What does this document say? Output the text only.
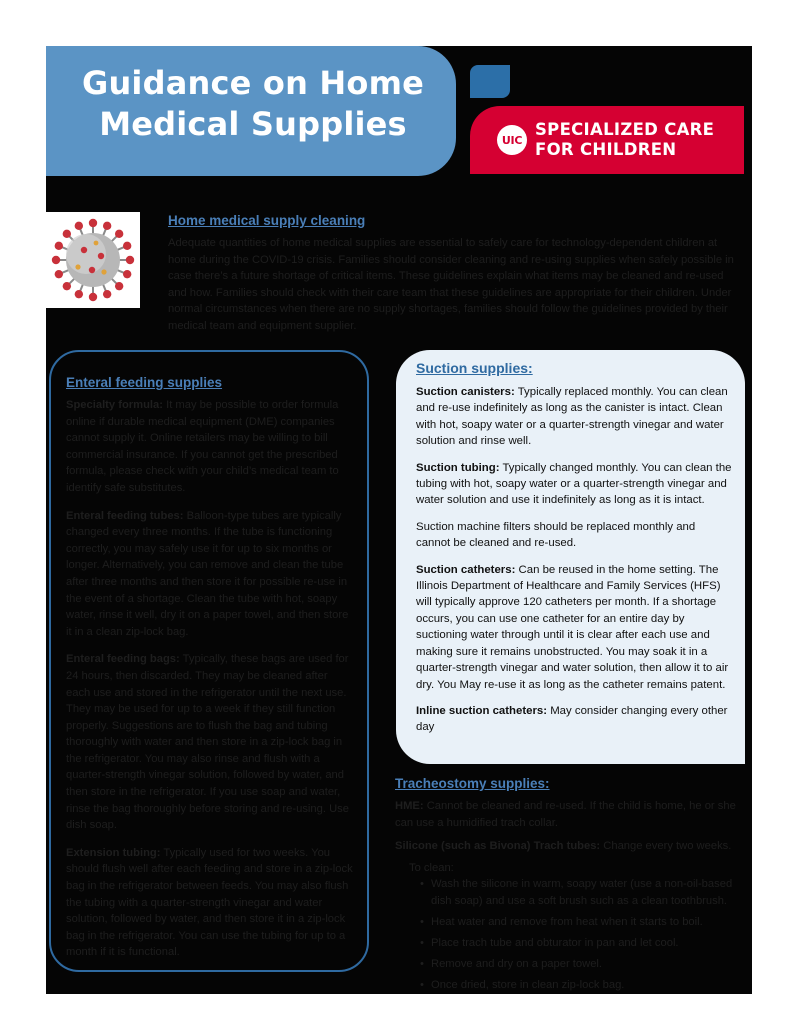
Guidance on Home
Medical Supplies	UIC
SPECIALIZED CARE
FOR CHILDREN
Home medical supply cleaning
Adequate quantities of home medical supplies are essential to safely care for technology-dependent children at home during the COVID-19 crisis. Families should consider cleaning and re-using supplies when safely possible in case there’s a future shortage of critical items. These guidelines explain what items may be cleaned and re-used and how. Families should check with their care team that these guidelines are appropriate for their children. Under normal circumstances when there are no supply shortages, families should follow the guidelines provided by their medical team and equipment supplier.
Enteral feeding supplies

Specialty formula: It may be possible to order formula online if durable medical equipment (DME) companies cannot supply it. Online retailers may be willing to bill commercial insurance. If you cannot get the prescribed formula, please check with your child’s medical team to identify safe substitutes.

Enteral feeding tubes: Balloon-type tubes are typically changed every three months. If the tube is functioning correctly, you may safely use it for up to six months or longer. Alternatively, you can remove and clean the tube after three months and then store it for possible re-use in the event of a shortage. Clean the tube with hot, soapy water, rinse it well, dry it on a paper towel, and then store it in a clean zip-lock bag.

Enteral feeding bags: Typically, these bags are used for 24 hours, then discarded. They may be cleaned after each use and stored in the refrigerator until the next use. They may be used for up to a week if they still function properly. Suggestions are to flush the bag and tubing thoroughly with water and then store in a zip-lock bag in the refrigerator. You may also rinse and flush with a quarter-strength vinegar solution, followed by water, and then store in the refrigerator. If you use soap and water, rinse the bag thoroughly before storing and re-using. Use dish soap.

Extension tubing: Typically used for two weeks. You should flush well after each feeding and store in a zip-lock bag in the refrigerator between feeds. You may also flush the tubing with a quarter-strength vinegar and water solution, followed by water, and then store it in a zip-lock bag in the refrigerator. You can use the tubing for up to a month if it is functional.

Suction supplies:

Suction canisters: Typically replaced monthly. You can clean and re-use indefinitely as long as the canister is intact. Clean with hot, soapy water or a quarter-strength vinegar and water solution and rinse well.

Suction tubing: Typically changed monthly. You can clean the tubing with hot, soapy water or a quarter-strength vinegar and water solution and use it indefinitely as long as it is intact.

Suction machine filters should be replaced monthly and cannot be cleaned and re-used.

Suction catheters: Can be reused in the home setting. The Illinois Department of Healthcare and Family Services (HFS) will typically approve 120 catheters per month. If a shortage occurs, you can use one catheter for an entire day by suctioning water through until it is clear after each use and making sure it remains unobstructed. You may soak it in a quarter-strength vinegar and water solution, then allow it to air dry. You May re-use it as long as the catheter remains patent.

Inline suction catheters: May consider changing every other day

Tracheostomy supplies:
HME: Cannot be cleaned and re-used. If the child is home, he or she can use a humidified trach collar.
Silicone (such as Bivona) Trach tubes: Change every two weeks.
To clean:
• Wash the silicone in warm, soapy water (use a non-oil-based dish soap) and use a soft brush such as a clean toothbrush.
• Heat water and remove from heat when it starts to boil.
• Place trach tube and obturator in pan and let cool.
• Remove and dry on a paper towel.
• Once dried, store in clean zip-lock bag.
